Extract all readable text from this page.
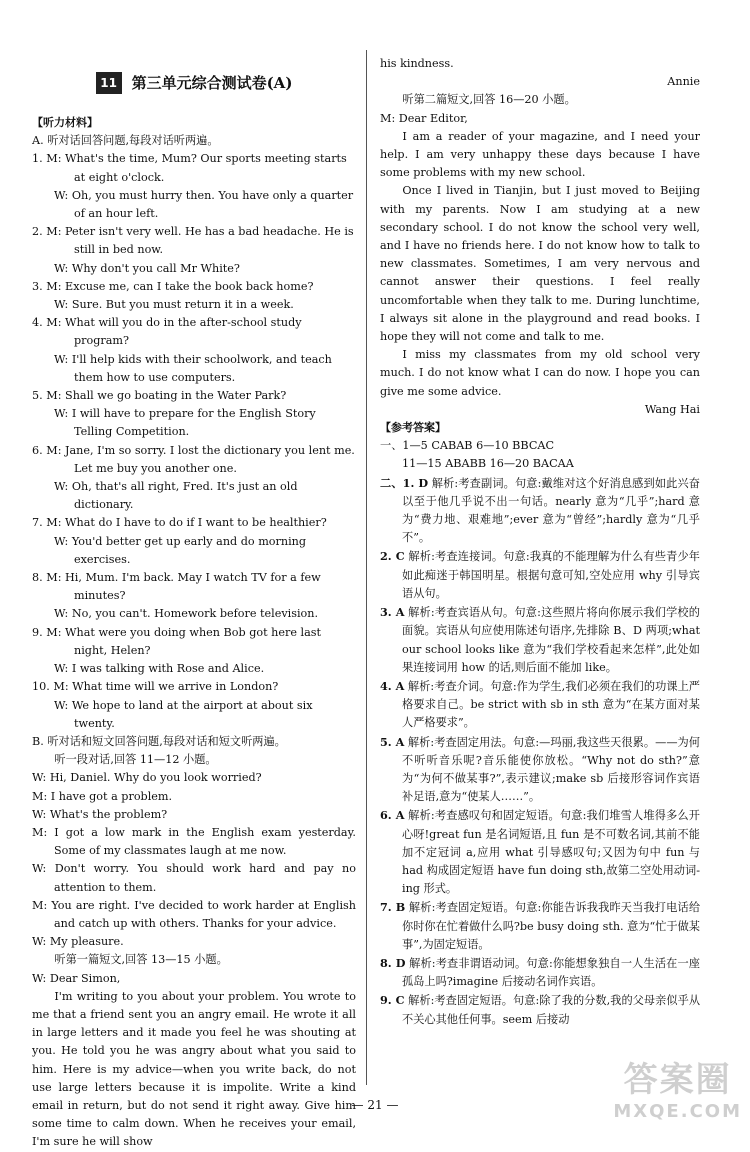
11 第三单元综合测试卷(A)

【听力材料】

A. 听对话回答问题,每段对话听两遍。

1. M: What's the time, Mum? Our sports meeting starts at eight o'clock.

W: Oh, you must hurry then. You have only a quarter of an hour left.

2. M: Peter isn't very well. He has a bad headache. He is still in bed now.

W: Why don't you call Mr White?

3. M: Excuse me, can I take the book back home?

W: Sure. But you must return it in a week.

4. M: What will you do in the after-school study program?

W: I'll help kids with their schoolwork, and teach them how to use computers.

5. M: Shall we go boating in the Water Park?

W: I will have to prepare for the English Story Telling Competition.

6. M: Jane, I'm so sorry. I lost the dictionary you lent me. Let me buy you another one.

W: Oh, that's all right, Fred. It's just an old dictionary.

7. M: What do I have to do if I want to be healthier?

W: You'd better get up early and do morning exercises.

8. M: Hi, Mum. I'm back. May I watch TV for a few minutes?

W: No, you can't. Homework before television.

9. M: What were you doing when Bob got here last night, Helen?

W: I was talking with Rose and Alice.

10. M: What time will we arrive in London?

W: We hope to land at the airport at about six twenty.

B. 听对话和短文回答问题,每段对话和短文听两遍。

听一段对话,回答 11—12 小题。

W: Hi, Daniel. Why do you look worried?

M: I have got a problem.

W: What's the problem?

M: I got a low mark in the English exam yesterday. Some of my classmates laugh at me now.

W: Don't worry. You should work hard and pay no attention to them.

M: You are right. I've decided to work harder at English and catch up with others. Thanks for your advice.

W: My pleasure.

听第一篇短文,回答 13—15 小题。

W: Dear Simon,

I'm writing to you about your problem. You wrote to me that a friend sent you an angry email. He wrote it all in large letters and it made you feel he was shouting at you. He told you he was angry about what you said to him. Here is my advice—when you write back, do not use large letters because it is impolite. Write a kind email in return, but do not send it right away. Give him some time to calm down. When he receives your email, I'm sure he will show

his kindness.

Annie

听第二篇短文,回答 16—20 小题。

M: Dear Editor,

I am a reader of your magazine, and I need your help. I am very unhappy these days because I have some problems with my new school.

Once I lived in Tianjin, but I just moved to Beijing with my parents. Now I am studying at a new secondary school. I do not know the school very well, and I have no friends here. I do not know how to talk to new classmates. Sometimes, I am very nervous and cannot answer their questions. I feel really uncomfortable when they talk to me. During lunchtime, I always sit alone in the playground and read books. I hope they will not come and talk to me.

I miss my classmates from my old school very much. I do not know what I can do now. I hope you can give me some advice.

Wang Hai

【参考答案】

一、1—5 CABAB 6—10 BBCAC

11—15 ABABB 16—20 BACAA

二、1. D 解析:考查副词。句意:戴维对这个好消息感到如此兴奋以至于他几乎说不出一句话。nearly 意为“几乎”;hard 意为“费力地、艰难地”;ever 意为“曾经”;hardly 意为“几乎不”。

2. C 解析:考查连接词。句意:我真的不能理解为什么有些青少年如此痴迷于韩国明星。根据句意可知,空处应用 why 引导宾语从句。

3. A 解析:考查宾语从句。句意:这些照片将向你展示我们学校的面貌。宾语从句应使用陈述句语序,先排除 B、D 两项;what our school looks like 意为“我们学校看起来怎样”,此处如果连接词用 how 的话,则后面不能加 like。

4. A 解析:考查介词。句意:作为学生,我们必须在我们的功课上严格要求自己。be strict with sb in sth 意为“在某方面对某人严格要求”。

5. A 解析:考查固定用法。句意:—玛丽,我这些天很累。——为何不听听音乐呢?音乐能使你放松。“Why not do sth?”意为“为何不做某事?”,表示建议;make sb 后接形容词作宾语补足语,意为“使某人……”。

6. A 解析:考查感叹句和固定短语。句意:我们堆雪人堆得多么开心呀!great fun 是名词短语,且 fun 是不可数名词,其前不能加不定冠词 a,应用 what 引导感叹句;又因为句中 fun 与 had 构成固定短语 have fun doing sth,故第二空处用动词-ing 形式。

7. B 解析:考查固定短语。句意:你能告诉我我昨天当我打电话给你时你在忙着做什么吗?be busy doing sth. 意为“忙于做某事”,为固定短语。

8. D 解析:考查非谓语动词。句意:你能想象独自一人生活在一座孤岛上吗?imagine 后接动名词作宾语。

9. C 解析:考查固定短语。句意:除了我的分数,我的父母亲似乎从不关心其他任何事。seem 后接动

— 21 —
答案圈
MXQE.COM
